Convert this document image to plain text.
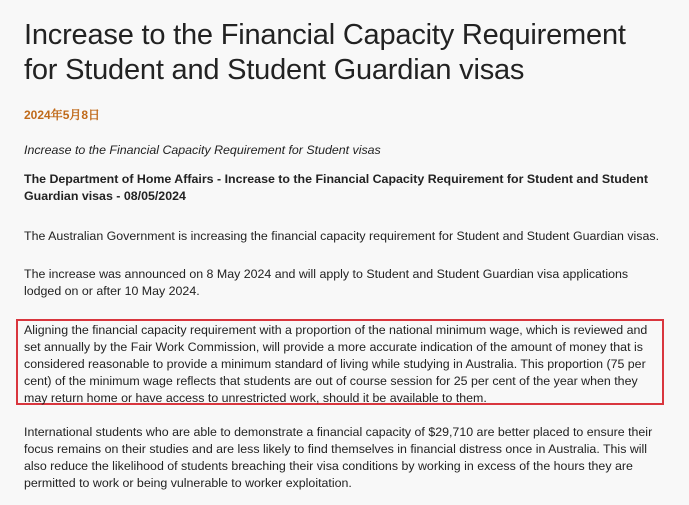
Increase to the Financial Capacity Requirement for Student and Student Guardian visas
2024年5月8日

Increase to the Financial Capacity Requirement for Student visas

The Department of Home Affairs - Increase to the Financial Capacity Requirement for Student and Student Guardian visas - 08/05/2024

The Australian Government is increasing the financial capacity requirement for Student and Student Guardian visas.

The increase was announced on 8 May 2024 and will apply to Student and Student Guardian visa applications lodged on or after 10 May 2024.

Aligning the financial capacity requirement with a proportion of the national minimum wage, which is reviewed and set annually by the Fair Work Commission, will provide a more accurate indication of the amount of money that is considered reasonable to provide a minimum standard of living while studying in Australia. This proportion (75 per cent) of the minimum wage reflects that students are out of course session for 25 per cent of the year when they may return home or have access to unrestricted work, should it be available to them.

International students who are able to demonstrate a financial capacity of $29,710 are better placed to ensure their focus remains on their studies and are less likely to find themselves in financial distress once in Australia. This will also reduce the likelihood of students breaching their visa conditions by working in excess of the hours they are permitted to work or being vulnerable to worker exploitation.
